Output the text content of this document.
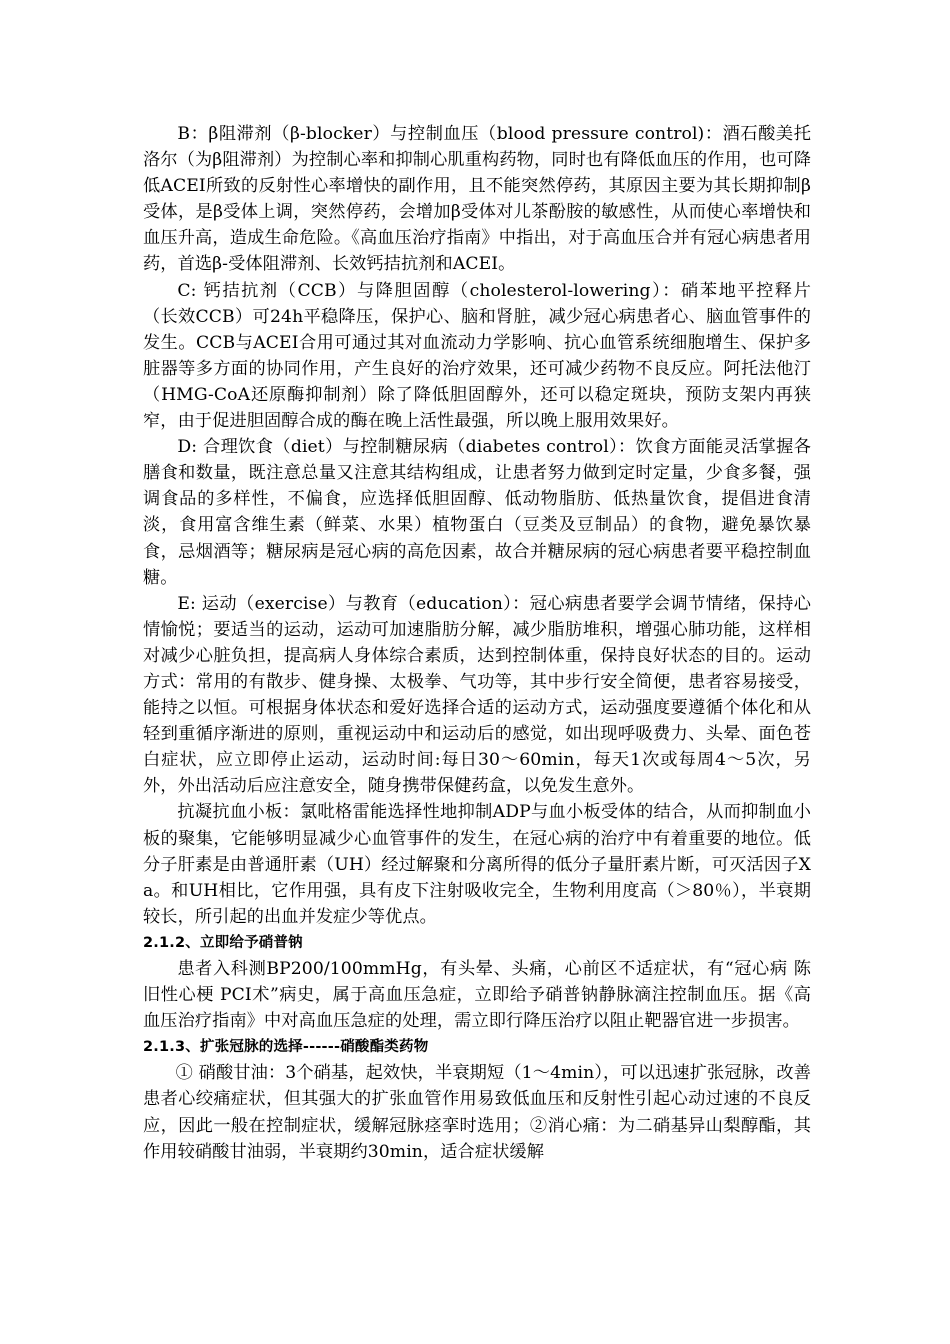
B：β阻滞剂（β-blocker）与控制血压（blood pressure control)：酒石酸美托洛尔（为β阻滞剂）为控制心率和抑制心肌重构药物，同时也有降低血压的作用，也可降低ACEI所致的反射性心率增快的副作用，且不能突然停药，其原因主要为其长期抑制β受体，是β受体上调，突然停药，会增加β受体对儿茶酚胺的敏感性，从而使心率增快和血压升高，造成生命危险。《高血压治疗指南》中指出，对于高血压合并有冠心病患者用药，首选β-受体阻滞剂、长效钙拮抗剂和ACEI。

C: 钙拮抗剂（CCB）与降胆固醇（cholesterol-lowering）：硝苯地平控释片（长效CCB）可24h平稳降压，保护心、脑和肾脏，减少冠心病患者心、脑血管事件的发生。CCB与ACEI合用可通过其对血流动力学影响、抗心血管系统细胞增生、保护多脏器等多方面的协同作用，产生良好的治疗效果，还可减少药物不良反应。阿托法他汀（HMG-CoA还原酶抑制剂）除了降低胆固醇外，还可以稳定斑块，预防支架内再狭窄，由于促进胆固醇合成的酶在晚上活性最强，所以晚上服用效果好。

D: 合理饮食（diet）与控制糖尿病（diabetes control）：饮食方面能灵活掌握各膳食和数量，既注意总量又注意其结构组成，让患者努力做到定时定量，少食多餐，强调食品的多样性，不偏食，应选择低胆固醇、低动物脂肪、低热量饮食，提倡进食清淡，食用富含维生素（鲜菜、水果）植物蛋白（豆类及豆制品）的食物，避免暴饮暴食，忌烟酒等；糖尿病是冠心病的高危因素，故合并糖尿病的冠心病患者要平稳控制血糖。

E: 运动（exercise）与教育（education）：冠心病患者要学会调节情绪，保持心情愉悦；要适当的运动，运动可加速脂肪分解，减少脂肪堆积，增强心肺功能，这样相对减少心脏负担，提高病人身体综合素质，达到控制体重，保持良好状态的目的。运动方式：常用的有散步、健身操、太极拳、气功等，其中步行安全简便，患者容易接受，能持之以恒。可根据身体状态和爱好选择合适的运动方式，运动强度要遵循个体化和从轻到重循序渐进的原则，重视运动中和运动后的感觉，如出现呼吸费力、头晕、面色苍白症状，应立即停止运动，运动时间:每日30～60min，每天1次或每周4～5次，另外，外出活动后应注意安全，随身携带保健药盒，以免发生意外。

抗凝抗血小板：氯吡格雷能选择性地抑制ADP与血小板受体的结合，从而抑制血小板的聚集，它能够明显减少心血管事件的发生，在冠心病的治疗中有着重要的地位。低分子肝素是由普通肝素（UH）经过解聚和分离所得的低分子量肝素片断，可灭活因子Ⅹa。和UH相比，它作用强，具有皮下注射吸收完全，生物利用度高（＞80％），半衰期较长，所引起的出血并发症少等优点。

2.1.2、立即给予硝普钠

患者入科测BP200/100mmHg，有头晕、头痛，心前区不适症状，有“冠心病 陈旧性心梗 PCI术”病史，属于高血压急症，立即给予硝普钠静脉滴注控制血压。据《高血压治疗指南》中对高血压急症的处理，需立即行降压治疗以阻止靶器官进一步损害。

2.1.3、扩张冠脉的选择------硝酸酯类药物

① 硝酸甘油：3个硝基，起效快，半衰期短（1～4min），可以迅速扩张冠脉，改善患者心绞痛症状，但其强大的扩张血管作用易致低血压和反射性引起心动过速的不良反应，因此一般在控制症状，缓解冠脉痉挛时选用；②消心痛：为二硝基异山梨醇酯，其作用较硝酸甘油弱，半衰期约30min，适合症状缓解
